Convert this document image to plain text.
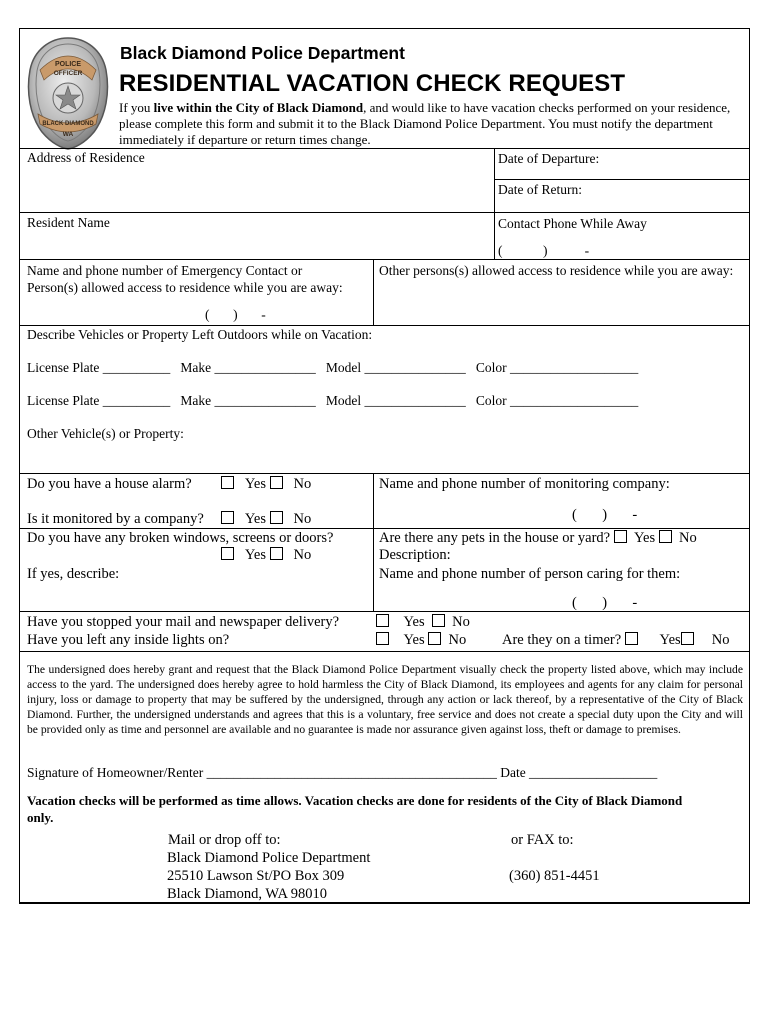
POLICE
OFFICER
BLACK DIAMOND
WA
Black Diamond Police Department
RESIDENTIAL VACATION CHECK REQUEST
If you live within the City of Black Diamond, and would like to have vacation checks performed on your residence, please complete this form and submit it to the Black Diamond Police Department. You must notify the department immediately if departure or return times change.
Address of Residence	Date of Departure:
Date of Return:
Resident Name	Contact Phone While Away
(            )           -
Name and phone number of Emergency Contact or
Person(s) allowed access to residence while you are away:
(       )       -
Other persons(s) allowed access to residence while you are away:
Describe Vehicles or Property Left Outdoors while on Vacation:
License Plate __________   Make _______________   Model _______________   Color ___________________
License Plate __________   Make _______________   Model _______________   Color ___________________
Other Vehicle(s) or Property:
Do you have a house alarm?	Yes No
Is it monitored by a company?	Yes No
Name and phone number of monitoring company:
(       )       -
Do you have any broken windows, screens or doors?
Yes No
If yes, describe:
Are there any pets in the house or yard? Yes No
Description:
Name and phone number of person caring for them:
(       )       -
Have you stopped your mail and newspaper delivery?	Yes No
Have you left any inside lights on?	Yes No Are they on a timer?	Yes No
The undersigned does hereby grant and request that the Black Diamond Police Department visually check the property listed above, which may include access to the yard. The undersigned does hereby agree to hold harmless the City of Black Diamond, its employees and agents for any claim for personal injury, loss or damage to property that may be suffered by the undersigned, through any action or lack thereof, by a representative of the City of Black Diamond. Further, the undersigned understands and agrees that this is a voluntary, free service and does not create a special duty upon the City and will be provided only as time and personnel are available and no guarantee is made nor assurance given against loss, theft or damage to premises.
Signature of Homeowner/Renter ___________________________________________ Date ___________________
Vacation checks will be performed as time allows. Vacation checks are done for residents of the City of Black Diamond
only.
Mail or drop off to:
Black Diamond Police Department
25510 Lawson St/PO Box 309
Black Diamond, WA 98010
or FAX to:
(360) 851-4451
